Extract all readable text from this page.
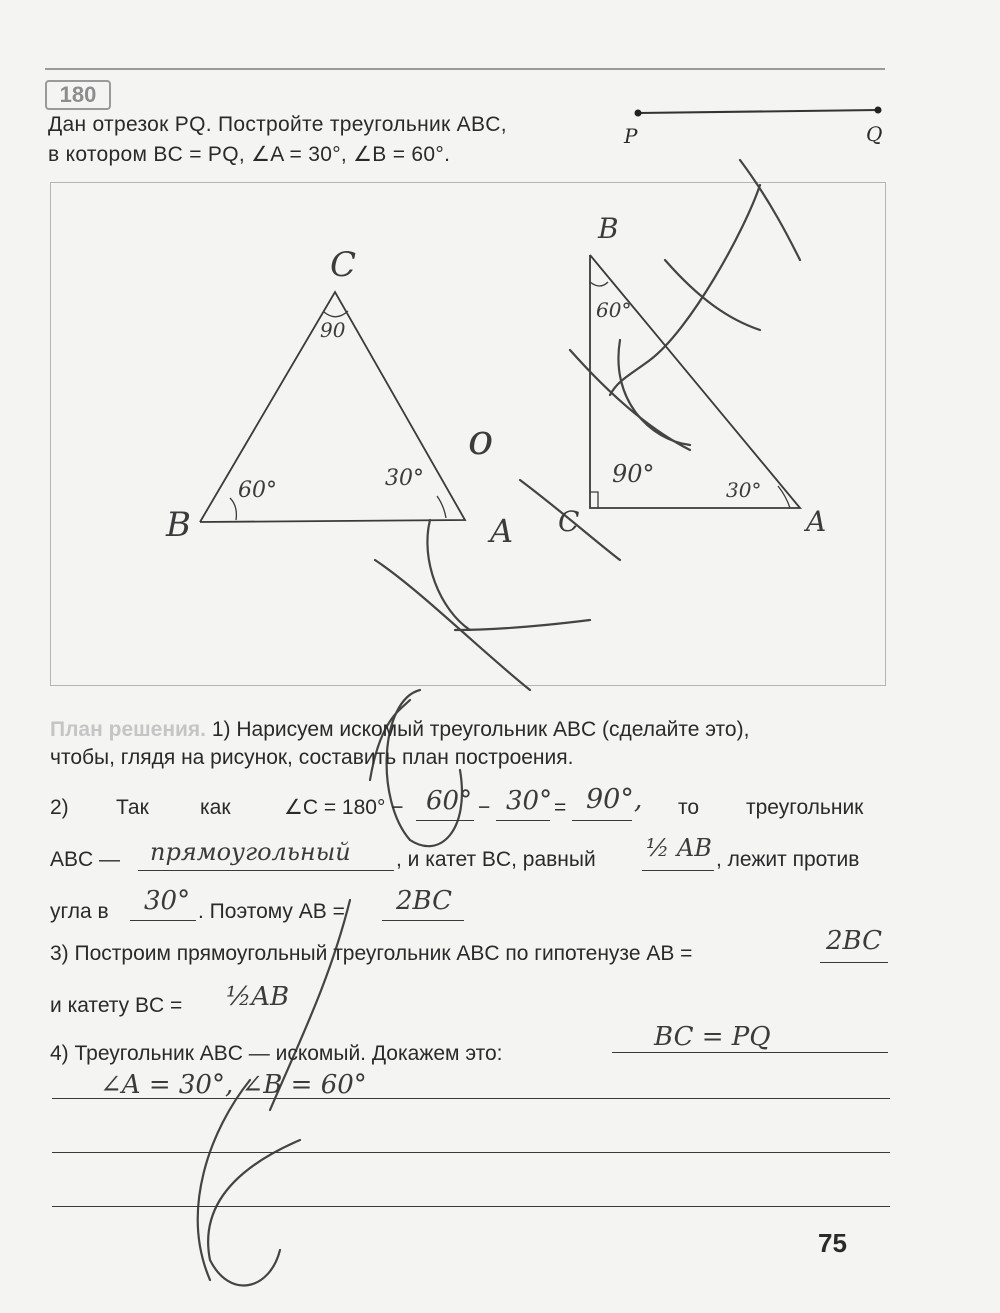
180
Дан отрезок PQ. Постройте треугольник ABC,
в котором BC = PQ, ∠A = 30°, ∠B = 60°.
C
90
B
60°	30°
A
o
B
60°
90°
30°
C	A
P	Q
План решения. 1) Нарисуем искомый треугольник ABC (сделайте это),
чтобы, глядя на рисунок, составить план построения.
2) Так как	∠C = 180° − 60° − 30° = 90°, то треугольник
ABC — прямоугольный , и катет BC, равный ½ AB , лежит против
угла в 30° . Поэтому AB = 2BC
3) Построим прямоугольный треугольник ABC по гипотенузе AB =	2BC
и катету BC = ½AB
4) Треугольник ABC — искомый. Докажем это:
BC = PQ
∠A = 30°, ∠B = 60°
75
